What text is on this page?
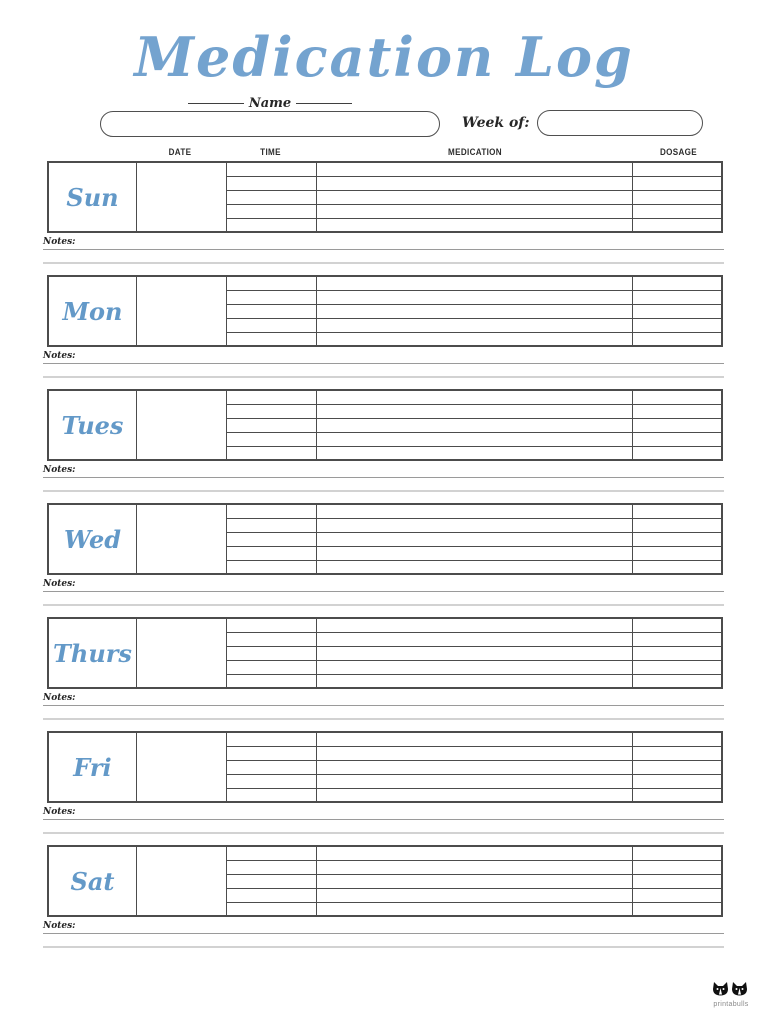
Medication Log
Name
Week of:
DATE	TIME	MEDICATION	DOSAGE
Sun
Notes:
Mon
Notes:
Tues
Notes:
Wed
Notes:
Thurs
Notes:
Fri
Notes:
Sat
Notes:
printabulls
